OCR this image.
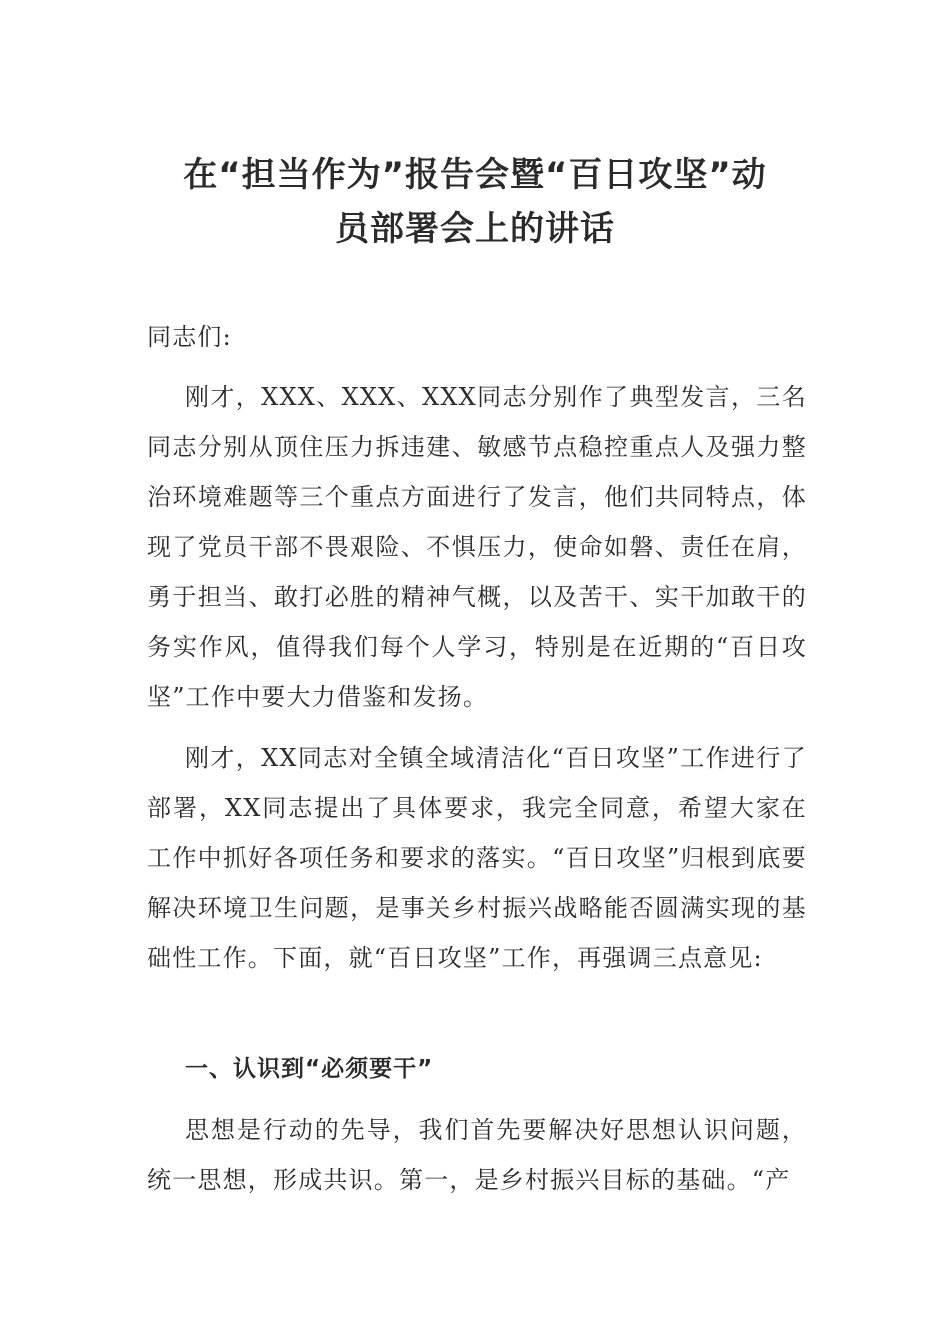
在“担当作为”报告会暨“百日攻坚”动
员部署会上的讲话

同志们:

刚才，XXX、XXX、XXX同志分别作了典型发言，三名同志分别从顶住压力拆违建、敏感节点稳控重点人及强力整治环境难题等三个重点方面进行了发言，他们共同特点，体现了党员干部不畏艰险、不惧压力，使命如磐、责任在肩，勇于担当、敢打必胜的精神气概，以及苦干、实干加敢干的务实作风，值得我们每个人学习，特别是在近期的“百日攻坚”工作中要大力借鉴和发扬。

刚才，XX同志对全镇全域清洁化“百日攻坚”工作进行了部署，XX同志提出了具体要求，我完全同意，希望大家在工作中抓好各项任务和要求的落实。“百日攻坚”归根到底要解决环境卫生问题，是事关乡村振兴战略能否圆满实现的基础性工作。下面，就“百日攻坚”工作，再强调三点意见:

一、认识到“必须要干”

思想是行动的先导，我们首先要解决好思想认识问题，统一思想，形成共识。第一，是乡村振兴目标的基础。“产
